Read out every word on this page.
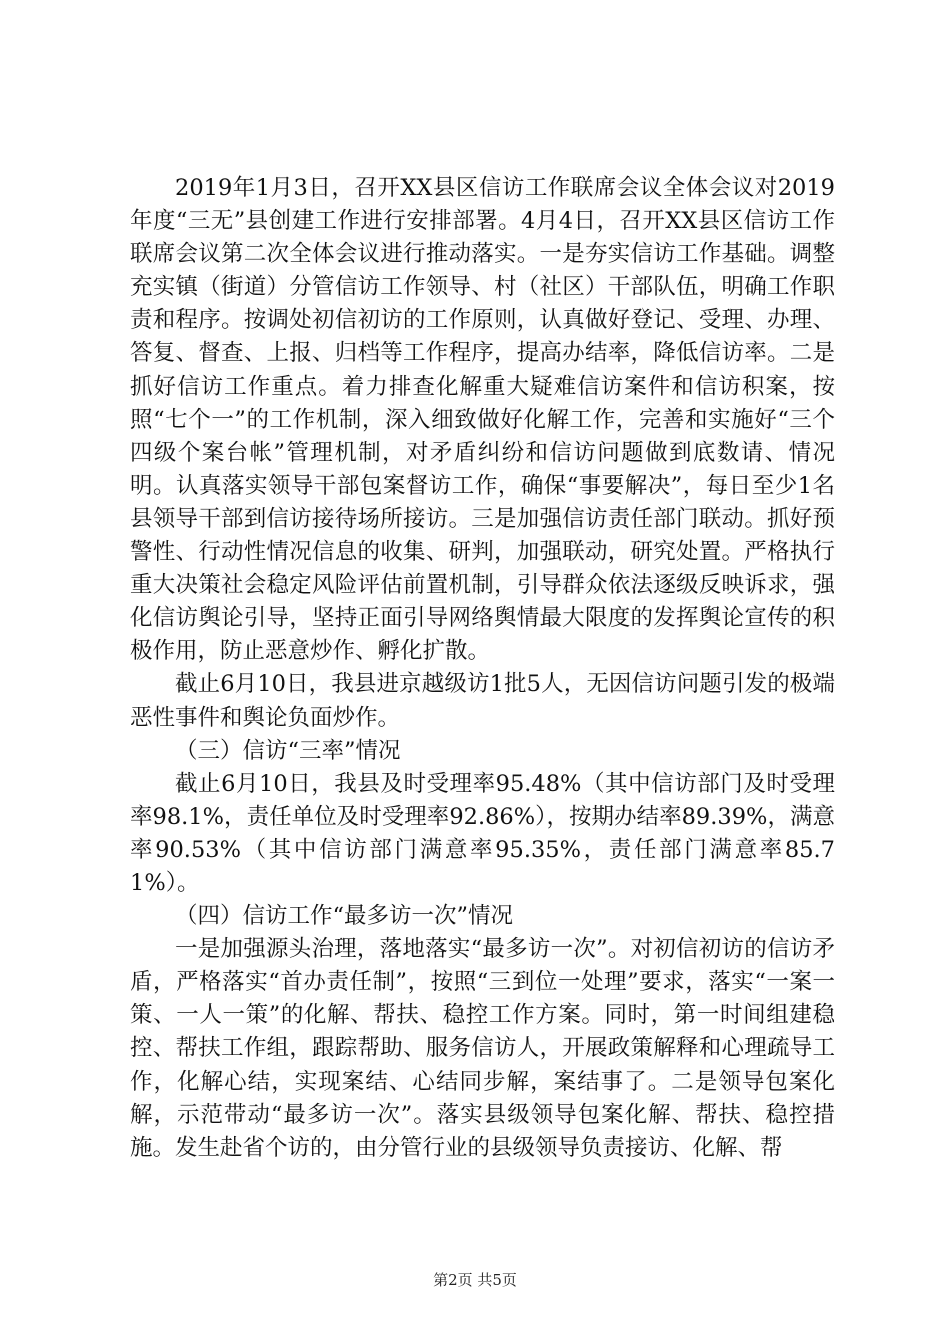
2019年1月3日，召开XX县区信访工作联席会议全体会议对2019年度“三无”县创建工作进行安排部署。4月4日，召开XX县区信访工作联席会议第二次全体会议进行推动落实。一是夯实信访工作基础。调整充实镇（街道）分管信访工作领导、村（社区）干部队伍，明确工作职责和程序。按调处初信初访的工作原则，认真做好登记、受理、办理、答复、督查、上报、归档等工作程序，提高办结率，降低信访率。二是抓好信访工作重点。着力排查化解重大疑难信访案件和信访积案，按照“七个一”的工作机制，深入细致做好化解工作，完善和实施好“三个四级个案台帐”管理机制，对矛盾纠纷和信访问题做到底数请、情况明。认真落实领导干部包案督访工作，确保“事要解决”，每日至少1名县领导干部到信访接待场所接访。三是加强信访责任部门联动。抓好预警性、行动性情况信息的收集、研判，加强联动，研究处置。严格执行重大决策社会稳定风险评估前置机制，引导群众依法逐级反映诉求，强化信访舆论引导，坚持正面引导网络舆情最大限度的发挥舆论宣传的积极作用，防止恶意炒作、孵化扩散。

截止6月10日，我县进京越级访1批5人，无因信访问题引发的极端恶性事件和舆论负面炒作。

（三）信访“三率”情况

截止6月10日，我县及时受理率95.48%（其中信访部门及时受理率98.1%，责任单位及时受理率92.86%），按期办结率89.39%，满意率90.53%（其中信访部门满意率95.35%，责任部门满意率85.71%）。

（四）信访工作“最多访一次”情况

一是加强源头治理，落地落实“最多访一次”。对初信初访的信访矛盾，严格落实“首办责任制”，按照“三到位一处理”要求，落实“一案一策、一人一策”的化解、帮扶、稳控工作方案。同时，第一时间组建稳控、帮扶工作组，跟踪帮助、服务信访人，开展政策解释和心理疏导工作，化解心结，实现案结、心结同步解，案结事了。二是领导包案化解，示范带动“最多访一次”。落实县级领导包案化解、帮扶、稳控措施。发生赴省个访的，由分管行业的县级领导负责接访、化解、帮

第2页 共5页
